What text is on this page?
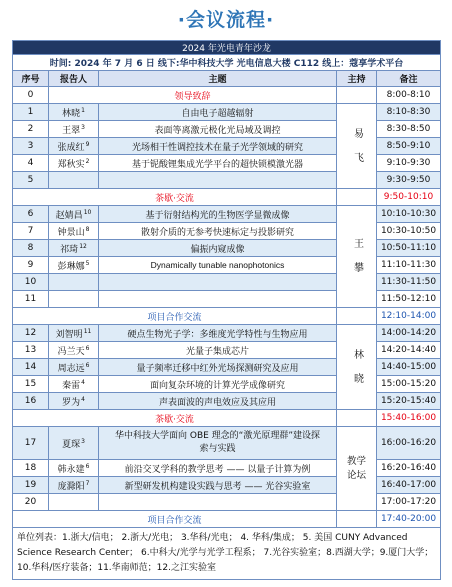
·会议流程·
2024 年光电青年沙龙				
时间: 2024 年 7 月 6 日 线下:华中科技大学 光电信息大楼 C112 线上：蔻享学术平台				
序号	报告人	主题	主持	备注
0	领导致辞			8:00-8:10
1	林晓$^1$	自由电子超越辐射	易飞	8:10-8:30
2	王翠$^3$	表面等离激元极化光局域及调控		8:30-8:50
3	张成红$^9$	光场相干性调控技术在量子光学领域的研究		8:50-9:10
4	郑秋实$^2$	基于铌酸锂集成光学平台的超快锁模激光器		9:10-9:30
5				9:30-9:50
茶歇·交流				9:50-10:10
6	赵婧昌$^{10}$	基于衍射结构光的生物医学显微成像	王攀	10:10-10:30
7	钟景山$^8$	散射介质的无参考快速标定与投影研究		10:30-10:50
8	祁琦$^{12}$	偏振内窥成像		10:50-11:10
9	彭琳娜$^5$	Dynamically tunable nanophotonics		11:10-11:30
10				11:30-11:50
11				11:50-12:10
项目合作交流				12:10-14:00
12	刘智明$^{11}$	硬点生物光子学：多维度光学特性与生物应用	林晓	14:00-14:20
13	冯兰天$^6$	光量子集成芯片		14:20-14:40
14	周志远$^6$	量子频率迁移中红外光场探测研究及应用		14:40-15:00
15	秦雷$^4$	面向复杂环境的计算光学成像研究		15:00-15:20
16	罗为$^4$	声表面波的声电效应及其应用		15:20-15:40
茶歇·交流				15:40-16:00
17	夏琛$^3$	华中科技大学面向 OBE 理念的“激光原理群”建设探索与实践	教学论坛	16:00-16:20
18	韩永建$^6$	前沿交叉学科的教学思考 —— 以量子计算为例		16:20-16:40
19	庞滁阳$^7$	新型研发机构建设实践与思考 —— 光谷实验室		16:40-17:00
20				17:00-17:20
项目合作交流				17:40-20:00
单位列表：1.浙大/信电； 2.浙大/光电； 3.华科/光电； 4. 华科/集成； 5. 美国 CUNY Advanced Science Research Center； 6.中科大/光学与光学工程系； 7.光谷实验室；8.西湖大学；9.厦门大学；10.华科/医疗装备；11.华南师范；12.之江实验室				
